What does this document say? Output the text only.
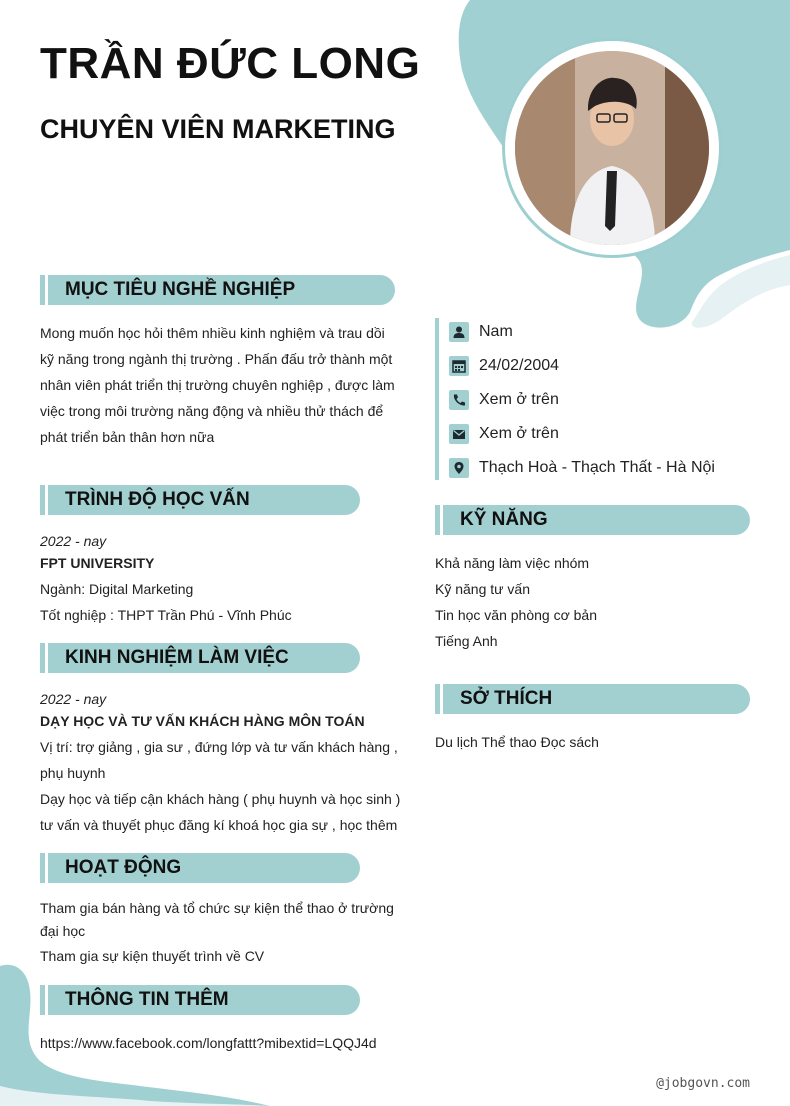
TRẦN ĐỨC LONG
CHUYÊN VIÊN MARKETING
MỤC TIÊU NGHỀ NGHIỆP

Mong muốn học hỏi thêm nhiều kinh nghiệm và trau dồi

kỹ năng trong ngành thị trường . Phấn đấu trở thành một

nhân viên phát triển thị trường chuyên nghiệp , được làm

việc trong môi trường năng động và nhiều thử thách để

phát triển bản thân hơn nữa

TRÌNH ĐỘ HỌC VẤN

2022 - nay

FPT UNIVERSITY

Ngành: Digital Marketing

Tốt nghiệp : THPT Trần Phú - Vĩnh Phúc

KINH NGHIỆM LÀM VIỆC

2022 - nay

DẠY HỌC VÀ TƯ VẤN KHÁCH HÀNG MÔN TOÁN

Vị trí: trợ giảng , gia sư , đứng lớp và tư vấn khách hàng ,

phụ huynh

Dạy học và tiếp cận khách hàng ( phụ huynh và học sinh )

tư vấn và thuyết phục đăng kí khoá học gia sự , học thêm

HOẠT ĐỘNG

Tham gia bán hàng và tổ chức sự kiện thể thao ở trường

đại học

Tham gia sự kiện thuyết trình về CV

THÔNG TIN THÊM

https://www.facebook.com/longfattt?mibextid=LQQJ4d

Nam
24/02/2004
Xem ở trên
Xem ở trên
Thạch Hoà - Thạch Thất - Hà Nội
KỸ NĂNG

Khả năng làm việc nhóm

Kỹ năng tư vấn

Tin học văn phòng cơ bản

Tiếng Anh

SỞ THÍCH

Du lịch Thể thao Đọc sách

@jobgovn.com
